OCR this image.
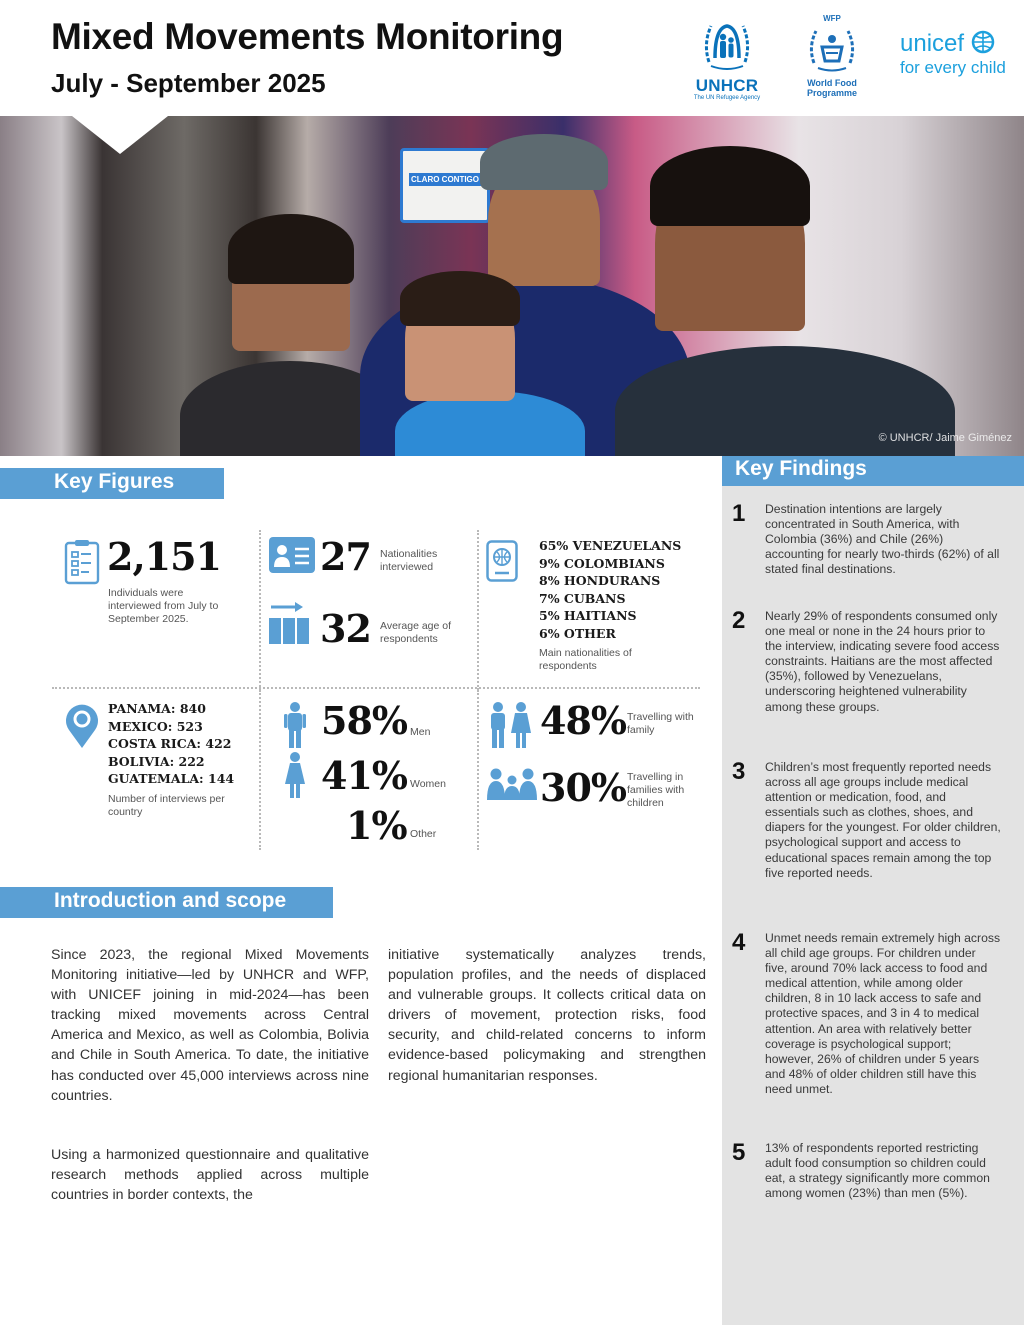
Mixed Movements Monitoring
July - September 2025	UNHCR
The UN Refugee Agency
WFP
World Food
Programme
unicef
for every child
CLARO CONTIGO
© UNHCR/ Jaime Giménez
Key Figures
2,151
Individuals were interviewed from July to September 2025.
27 Nationalities interviewed
32 Average age of respondents
65% VENEZUELANS
9% COLOMBIANS
8% HONDURANS
7% CUBANS
5% HAITIANS
6% OTHER
Main nationalities of respondents
PANAMA: 840
MEXICO: 523
COSTA RICA: 422
BOLIVIA: 222
GUATEMALA: 144
Number of interviews per country
58% Men
41% Women
1% Other
48% Travelling with family
30% Travelling in families with children
1 Destination intentions are largely concentrated in South America, with Colombia (36%) and Chile (26%) accounting for nearly two-thirds (62%) of all stated final destinations.
2 Nearly 29% of respondents consumed only one meal or none in the 24 hours prior to the interview, indicating severe food access constraints. Haitians are the most affected (35%), followed by Venezuelans, underscoring heightened vulnerability among these groups.
3 Children’s most frequently reported needs across all age groups include medical attention or medication, food, and essentials such as clothes, shoes, and diapers for the youngest. For older children, psychological support and access to educational spaces remain among the top five reported needs.
4 Unmet needs remain extremely high across all child age groups. For children under five, around 70% lack access to food and medical attention, while among older children, 8 in 10 lack access to safe and protective spaces, and 3 in 4 to medical attention. An area with relatively better coverage is psychological support; however, 26% of children under 5 years and 48% of older children still have this need unmet.
5 13% of respondents reported restricting adult food consumption so children could eat, a strategy significantly more common among women (23%) than men (5%).
Key Findings
Introduction and scope
Since 2023, the regional Mixed Movements Monitoring initiative—led by UNHCR and WFP, with UNICEF joining in mid-2024—has been tracking mixed movements across Central America and Mexico, as well as Colombia, Bolivia and Chile in South America. To date, the initiative has conducted over 45,000 interviews across nine countries.
Using a harmonized questionnaire and qualitative research methods applied across multiple countries in border contexts, the
initiative systematically analyzes trends, population profiles, and the needs of displaced and vulnerable groups. It collects critical data on drivers of movement, protection risks, food security, and child-related concerns to inform evidence-based policymaking and strengthen regional humanitarian responses.
